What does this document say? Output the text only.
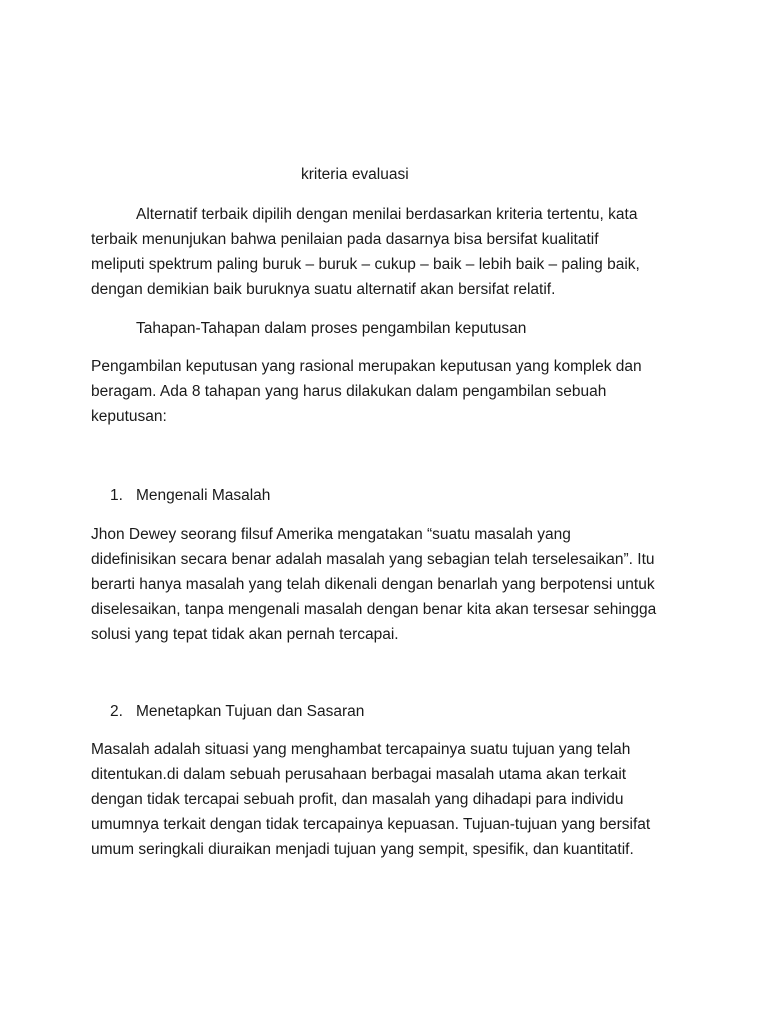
kriteria evaluasi
Alternatif terbaik dipilih dengan menilai berdasarkan kriteria tertentu, kata
terbaik menunjukan bahwa penilaian pada dasarnya bisa bersifat kualitatif
meliputi spektrum paling buruk – buruk – cukup – baik – lebih baik – paling baik,
dengan demikian baik buruknya suatu alternatif akan bersifat relatif.
Tahapan-Tahapan dalam proses pengambilan keputusan
Pengambilan keputusan yang rasional merupakan keputusan yang komplek dan
beragam. Ada 8 tahapan yang harus dilakukan dalam pengambilan sebuah
keputusan:
1. Mengenali Masalah
Jhon Dewey seorang filsuf Amerika mengatakan “suatu masalah yang
didefinisikan secara benar adalah masalah yang sebagian telah terselesaikan”. Itu
berarti hanya masalah yang telah dikenali dengan benarlah yang berpotensi untuk
diselesaikan, tanpa mengenali masalah dengan benar kita akan tersesar sehingga
solusi yang tepat tidak akan pernah tercapai.
2. Menetapkan Tujuan dan Sasaran
Masalah adalah situasi yang menghambat tercapainya suatu tujuan yang telah
ditentukan.di dalam sebuah perusahaan berbagai masalah utama akan terkait
dengan tidak tercapai sebuah profit, dan masalah yang dihadapi para individu
umumnya terkait dengan tidak tercapainya kepuasan. Tujuan-tujuan yang bersifat
umum seringkali diuraikan menjadi tujuan yang sempit, spesifik, dan kuantitatif.
